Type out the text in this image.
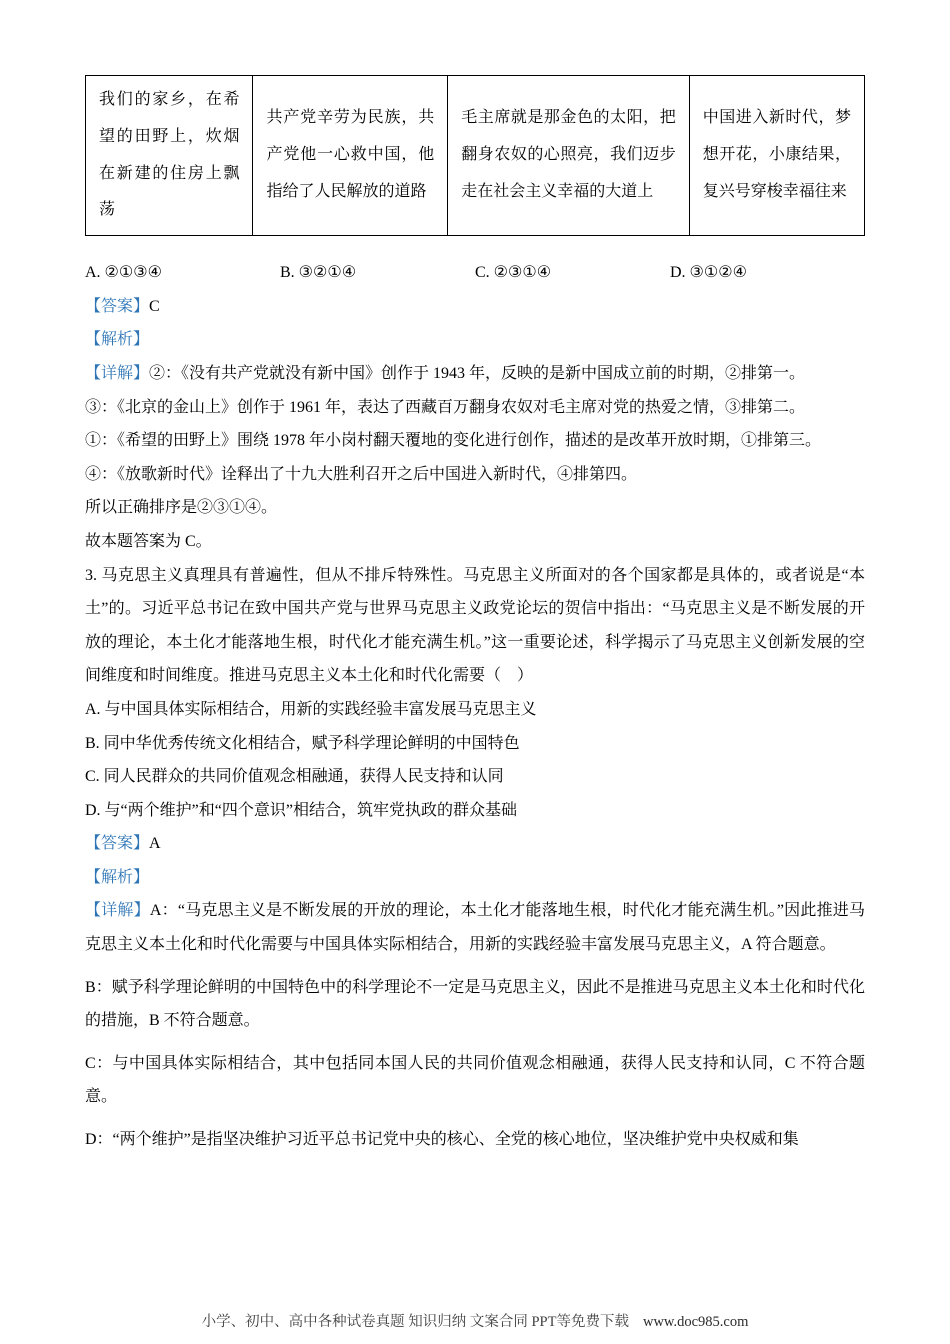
我们的家乡，在希望的田野上，炊烟在新建的住房上飘荡	共产党辛劳为民族，共产党他一心救中国，他指给了人民解放的道路	毛主席就是那金色的太阳，把翻身农奴的心照亮，我们迈步走在社会主义幸福的大道上	中国进入新时代，梦想开花，小康结果，复兴号穿梭幸福往来
A. ②①③④	B. ③②①④	C. ②③①④	D. ③①②④

【答案】C

【解析】

【详解】②：《没有共产党就没有新中国》创作于 1943 年，反映的是新中国成立前的时期，②排第一。

③：《北京的金山上》创作于 1961 年，表达了西藏百万翻身农奴对毛主席对党的热爱之情，③排第二。

①：《希望的田野上》围绕 1978 年小岗村翻天覆地的变化进行创作，描述的是改革开放时期，①排第三。

④：《放歌新时代》诠释出了十九大胜利召开之后中国进入新时代，④排第四。

所以正确排序是②③①④。

故本题答案为 C。

3. 马克思主义真理具有普遍性，但从不排斥特殊性。马克思主义所面对的各个国家都是具体的，或者说是“本土”的。习近平总书记在致中国共产党与世界马克思主义政党论坛的贺信中指出：“马克思主义是不断发展的开放的理论，本土化才能落地生根，时代化才能充满生机。”这一重要论述，科学揭示了马克思主义创新发展的空间维度和时间维度。推进马克思主义本土化和时代化需要（　）

A. 与中国具体实际相结合，用新的实践经验丰富发展马克思主义

B. 同中华优秀传统文化相结合，赋予科学理论鲜明的中国特色

C. 同人民群众的共同价值观念相融通，获得人民支持和认同

D. 与“两个维护”和“四个意识”相结合，筑牢党执政的群众基础

【答案】A

【解析】

【详解】A：“马克思主义是不断发展的开放的理论，本土化才能落地生根，时代化才能充满生机。”因此推进马克思主义本土化和时代化需要与中国具体实际相结合，用新的实践经验丰富发展马克思主义，A 符合题意。

B：赋予科学理论鲜明的中国特色中的科学理论不一定是马克思主义，因此不是推进马克思主义本土化和时代化的措施，B 不符合题意。

C：与中国具体实际相结合，其中包括同本国人民的共同价值观念相融通，获得人民支持和认同，C 不符合题意。

D：“两个维护”是指坚决维护习近平总书记党中央的核心、全党的核心地位，坚决维护党中央权威和集

小学、初中、高中各种试卷真题 知识归纳 文案合同 PPT等免费下载 www.doc985.com
